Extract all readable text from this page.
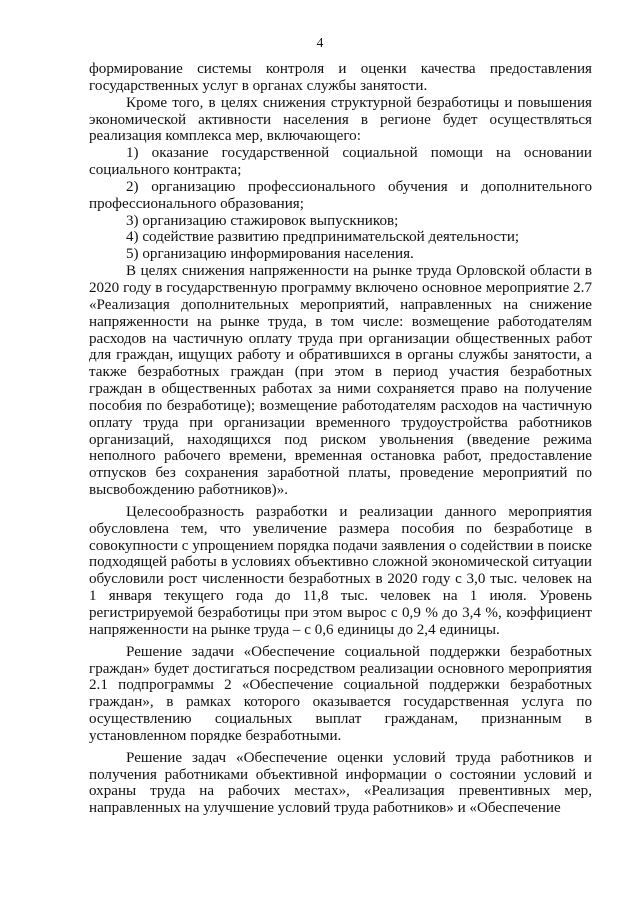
4

формирование системы контроля и оценки качества предоставления государственных услуг в органах службы занятости.

Кроме того, в целях снижения структурной безработицы и повышения экономической активности населения в регионе будет осуществляться реализация комплекса мер, включающего:

1) оказание государственной социальной помощи на основании социального контракта;

2) организацию профессионального обучения и дополнительного профессионального образования;

3) организацию стажировок выпускников;

4) содействие развитию предпринимательской деятельности;

5) организацию информирования населения.

В целях снижения напряженности на рынке труда Орловской области в 2020 году в государственную программу включено основное мероприятие 2.7 «Реализация дополнительных мероприятий, направленных на снижение напряженности на рынке труда, в том числе: возмещение работодателям расходов на частичную оплату труда при организации общественных работ для граждан, ищущих работу и обратившихся в органы службы занятости, а также безработных граждан (при этом в период участия безработных граждан в общественных работах за ними сохраняется право на получение пособия по безработице); возмещение работодателям расходов на частичную оплату труда при организации временного трудоустройства работников организаций, находящихся под риском увольнения (введение режима неполного рабочего времени, временная остановка работ, предоставление отпусков без сохранения заработной платы, проведение мероприятий по высвобождению работников)».

Целесообразность разработки и реализации данного мероприятия обусловлена тем, что увеличение размера пособия по безработице в совокупности с упрощением порядка подачи заявления о содействии в поиске подходящей работы в условиях объективно сложной экономической ситуации обусловили рост численности безработных в 2020 году с 3,0 тыс. человек на 1 января текущего года до 11,8 тыс. человек на 1 июля. Уровень регистрируемой безработицы при этом вырос с 0,9 % до 3,4 %, коэффициент напряженности на рынке труда – с 0,6 единицы до 2,4 единицы.

Решение задачи «Обеспечение социальной поддержки безработных граждан» будет достигаться посредством реализации основного мероприятия 2.1 подпрограммы 2 «Обеспечение социальной поддержки безработных граждан», в рамках которого оказывается государственная услуга по осуществлению социальных выплат гражданам, признанным в установленном порядке безработными.

Решение задач «Обеспечение оценки условий труда работников и получения работниками объективной информации о состоянии условий и охраны труда на рабочих местах», «Реализация превентивных мер, направленных на улучшение условий труда работников» и «Обеспечение
